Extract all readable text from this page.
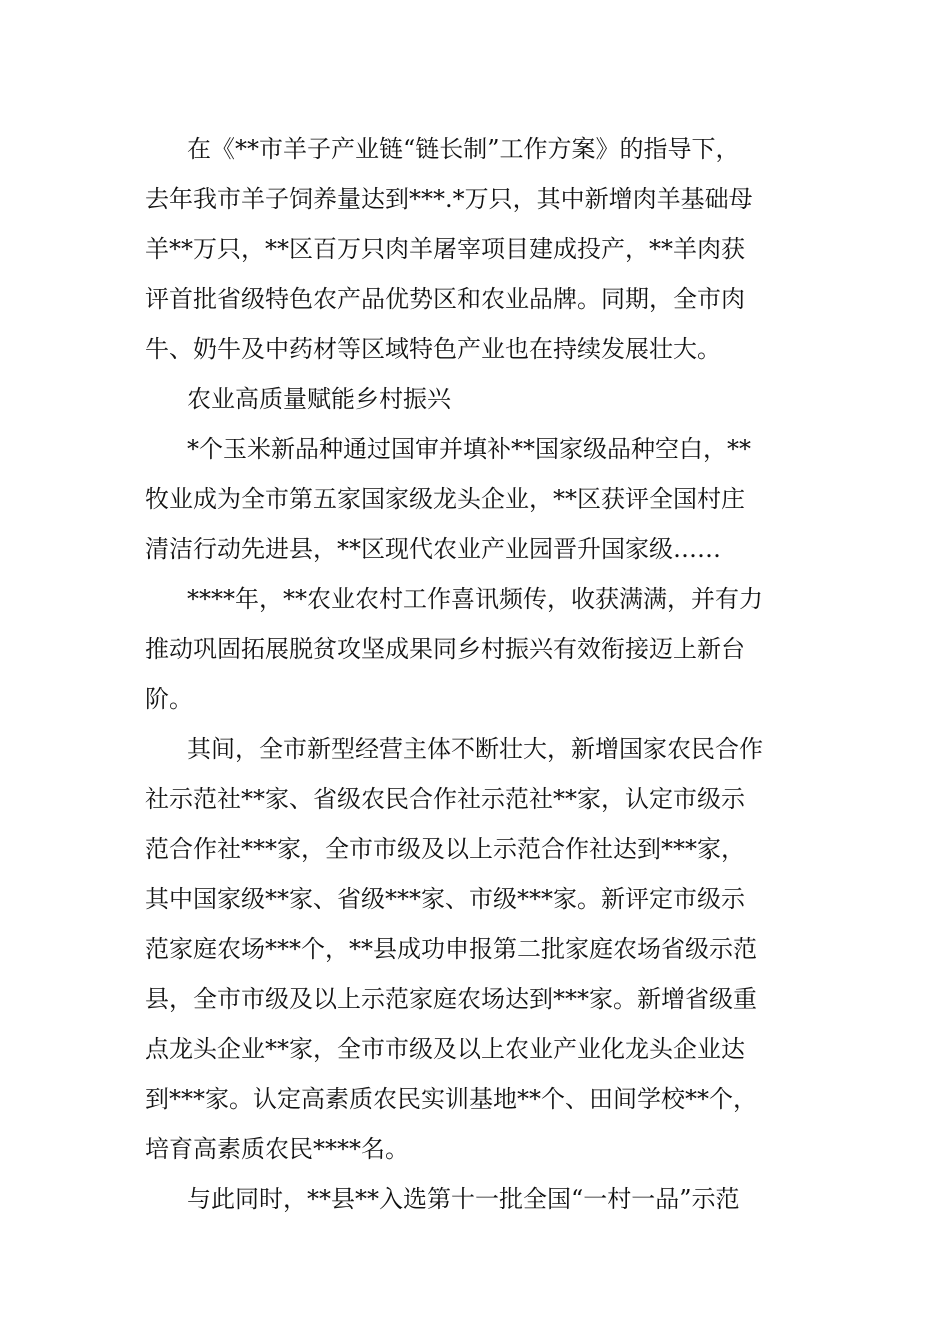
在《**市羊子产业链“链长制”工作方案》的指导下，

去年我市羊子饲养量达到***.*万只，其中新增肉羊基础母

羊**万只，**区百万只肉羊屠宰项目建成投产，**羊肉获

评首批省级特色农产品优势区和农业品牌。同期，全市肉

牛、奶牛及中药材等区域特色产业也在持续发展壮大。

农业高质量赋能乡村振兴

*个玉米新品种通过国审并填补**国家级品种空白，**

牧业成为全市第五家国家级龙头企业，**区获评全国村庄

清洁行动先进县，**区现代农业产业园晋升国家级……

****年，**农业农村工作喜讯频传，收获满满，并有力

推动巩固拓展脱贫攻坚成果同乡村振兴有效衔接迈上新台

阶。

其间，全市新型经营主体不断壮大，新增国家农民合作

社示范社**家、省级农民合作社示范社**家，认定市级示

范合作社***家，全市市级及以上示范合作社达到***家，

其中国家级**家、省级***家、市级***家。新评定市级示

范家庭农场***个，**县成功申报第二批家庭农场省级示范

县，全市市级及以上示范家庭农场达到***家。新增省级重

点龙头企业**家，全市市级及以上农业产业化龙头企业达

到***家。认定高素质农民实训基地**个、田间学校**个，

培育高素质农民****名。

与此同时，**县**入选第十一批全国“一村一品”示范
